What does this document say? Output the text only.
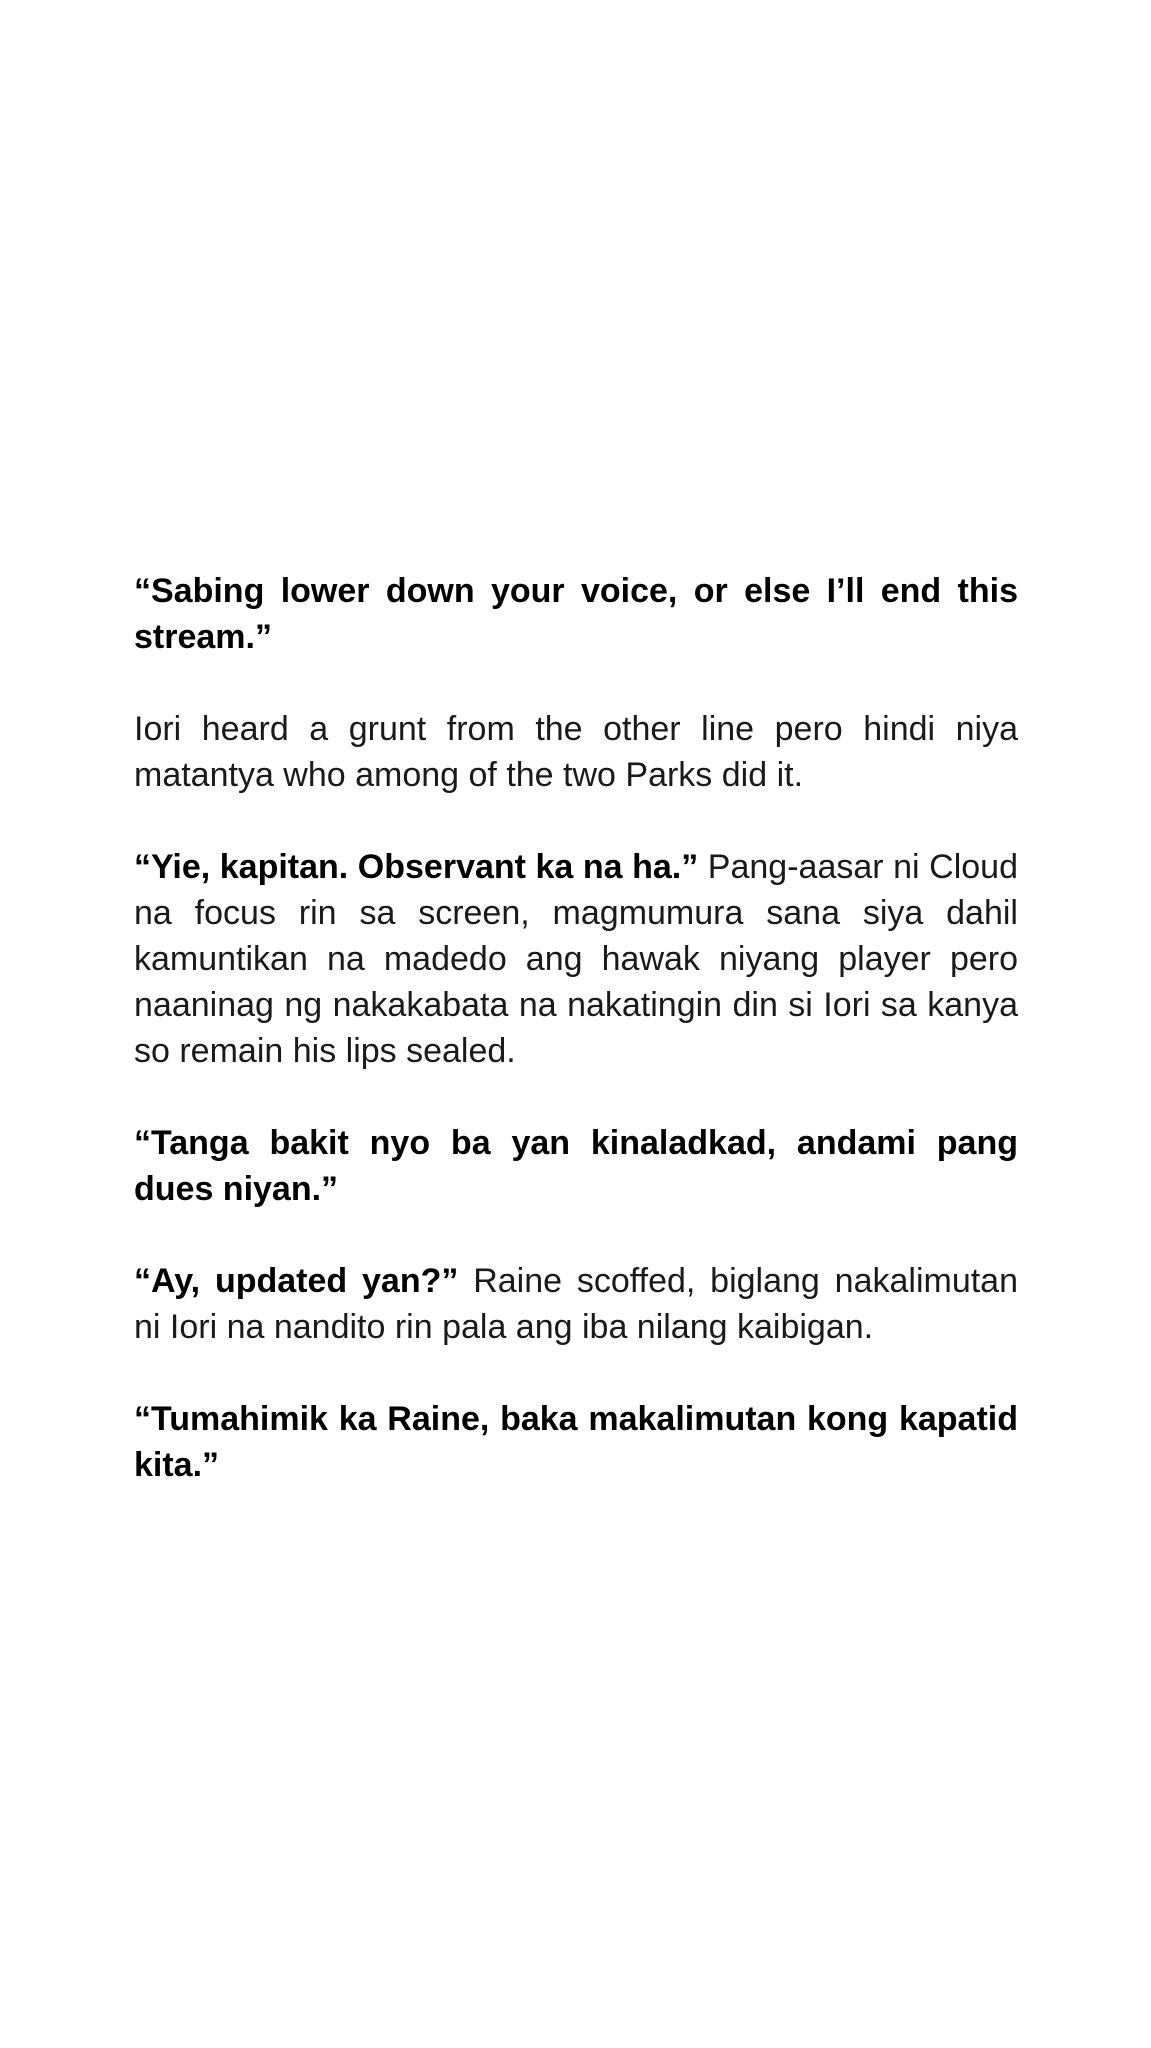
“Sabing lower down your voice, or else I’ll end this stream.”

Iori heard a grunt from the other line pero hindi niya matantya who among of the two Parks did it.

“Yie, kapitan. Observant ka na ha.” Pang-aasar ni Cloud na focus rin sa screen, magmumura sana siya dahil kamuntikan na madedo ang hawak niyang player pero naaninag ng nakakabata na nakatingin din si Iori sa kanya so remain his lips sealed.

“Tanga bakit nyo ba yan kinaladkad, andami pang dues niyan.”

“Ay, updated yan?” Raine scoffed, biglang nakalimutan ni Iori na nandito rin pala ang iba nilang kaibigan.

“Tumahimik ka Raine, baka makalimutan kong kapatid kita.”
